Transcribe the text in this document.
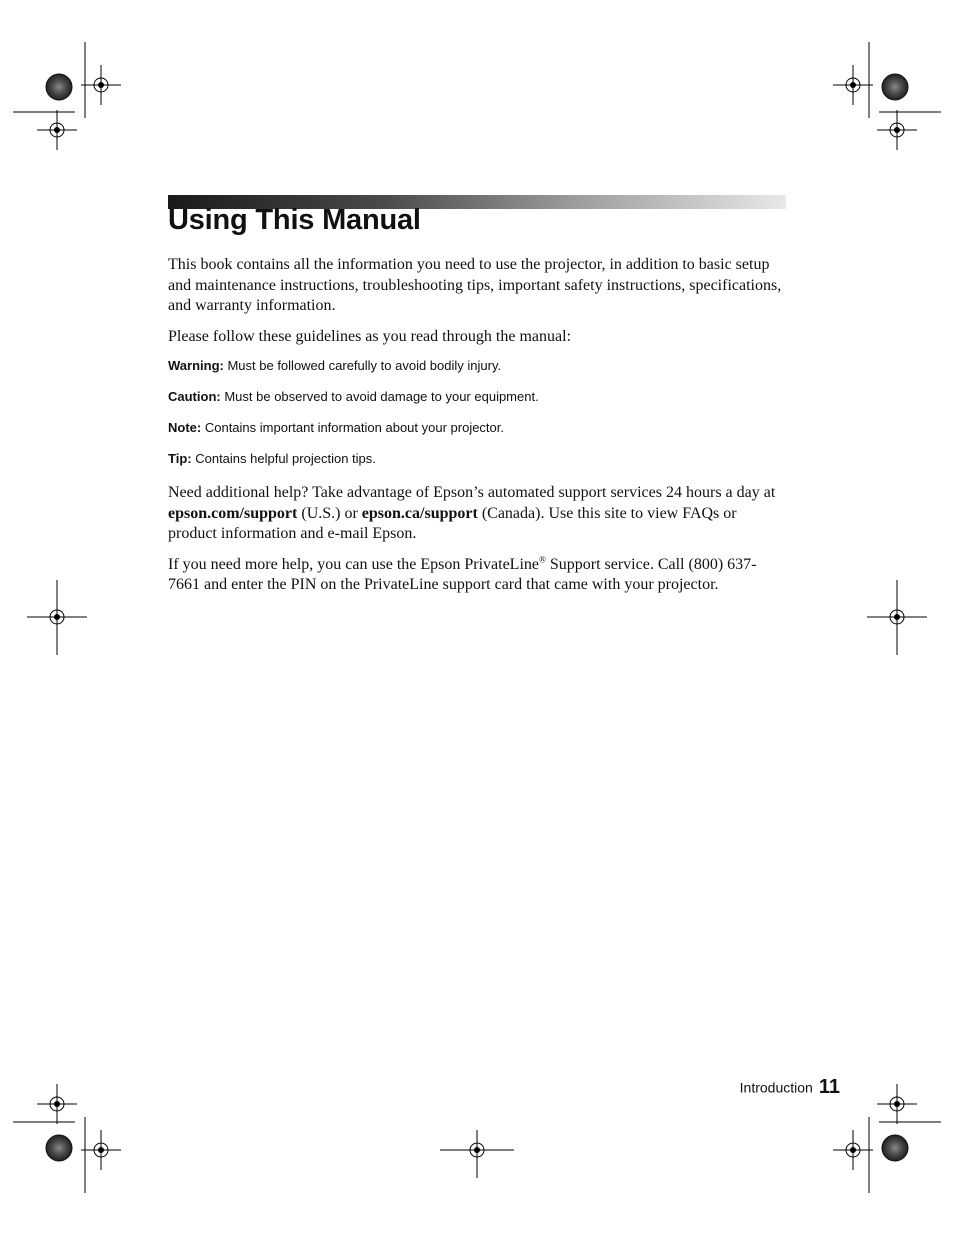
Using This Manual

This book contains all the information you need to use the projector, in addition to basic setup and maintenance instructions, troubleshooting tips, important safety instructions, specifications, and warranty information.

Please follow these guidelines as you read through the manual:

Warning: Must be followed carefully to avoid bodily injury.
Caution: Must be observed to avoid damage to your equipment.
Note: Contains important information about your projector.
Tip: Contains helpful projection tips.

Need additional help? Take advantage of Epson’s automated support services 24 hours a day at epson.com/support (U.S.) or epson.ca/support (Canada). Use this site to view FAQs or product information and e-mail Epson.

If you need more help, you can use the Epson PrivateLine® Support service. Call (800) 637-7661 and enter the PIN on the PrivateLine support card that came with your projector.

Introduction 11
